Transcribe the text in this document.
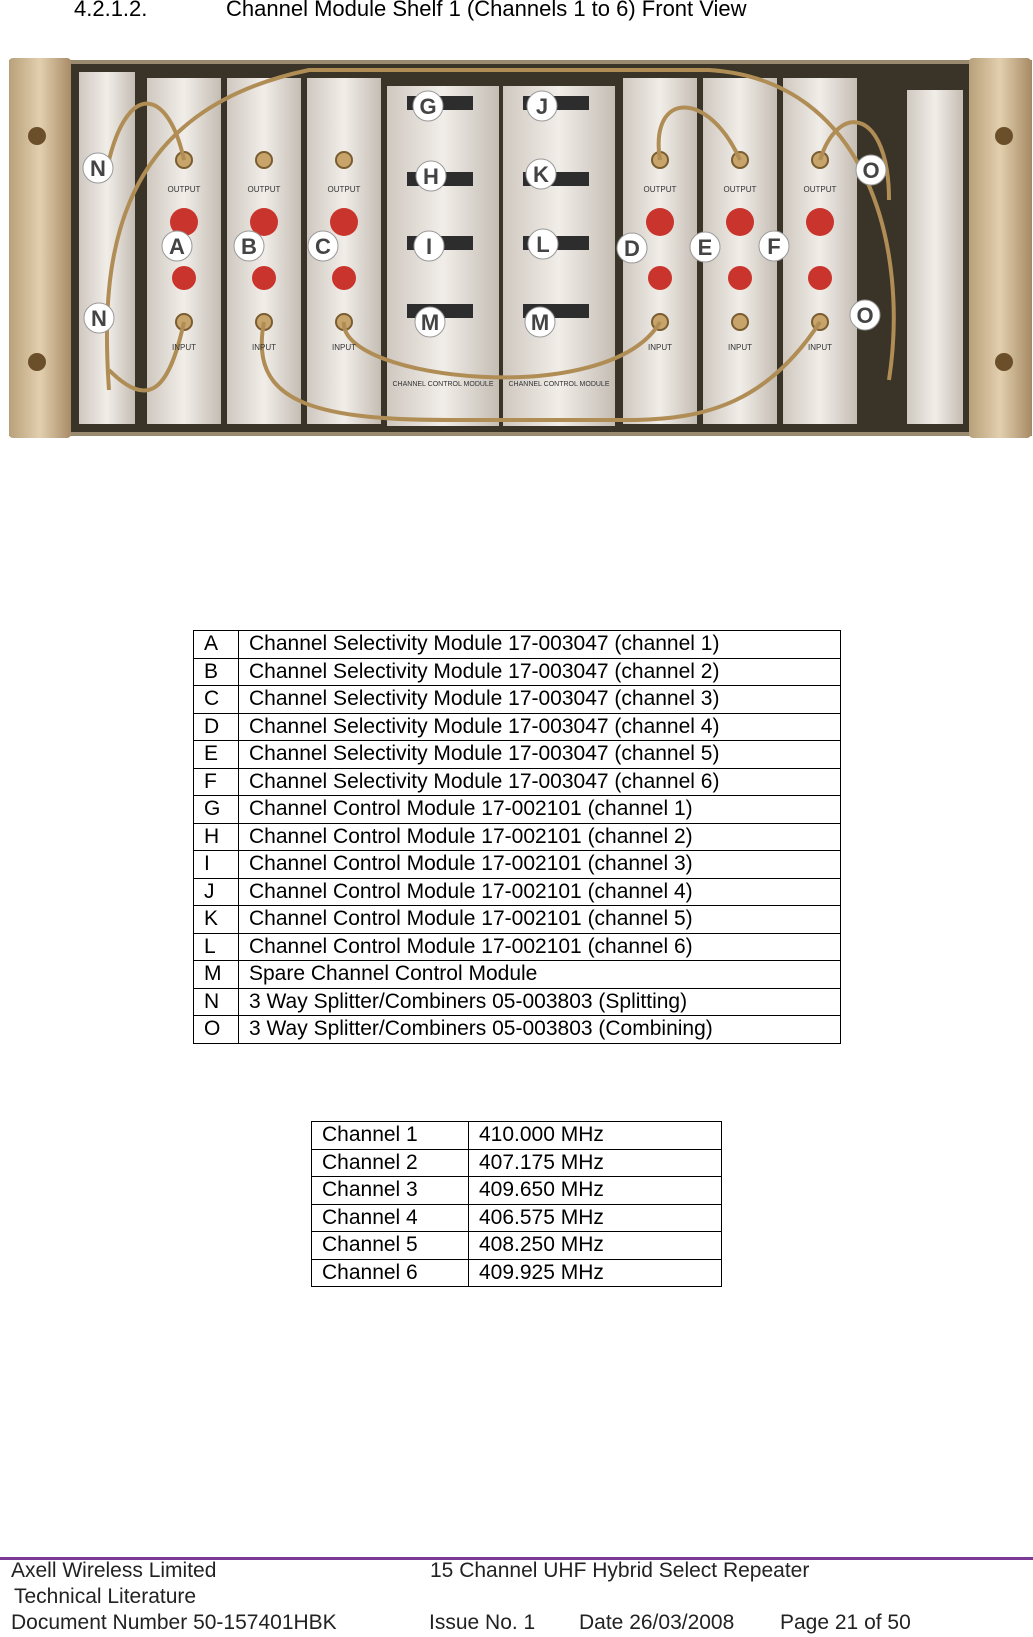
4.2.1.2.	Channel Module Shelf 1 (Channels 1 to 6) Front View
OUTPUT	OUTPUT	OUTPUT	OUTPUT	OUTPUT	OUTPUT
INPUT	INPUT	INPUT	INPUT	INPUT	INPUT
CHANNEL CONTROL MODULE CHANNEL CONTROL MODULE
A	B	C	D	E F
G
H
I
M
J
K
L
M
N
N
O
O
A	Channel Selectivity Module 17-003047 (channel 1)
B	Channel Selectivity Module 17-003047 (channel 2)
C	Channel Selectivity Module 17-003047 (channel 3)
D	Channel Selectivity Module 17-003047 (channel 4)
E	Channel Selectivity Module 17-003047 (channel 5)
F	Channel Selectivity Module 17-003047 (channel 6)
G	Channel Control Module 17-002101 (channel 1)
H	Channel Control Module 17-002101 (channel 2)
I	Channel Control Module 17-002101 (channel 3)
J	Channel Control Module 17-002101 (channel 4)
K	Channel Control Module 17-002101 (channel 5)
L	Channel Control Module 17-002101 (channel 6)
M	Spare Channel Control Module
N	3 Way Splitter/Combiners 05-003803 (Splitting)
O	3 Way Splitter/Combiners 05-003803 (Combining)
Channel 1	410.000 MHz
Channel 2	407.175 MHz
Channel 3	409.650 MHz
Channel 4	406.575 MHz
Channel 5	408.250 MHz
Channel 6	409.925 MHz
Axell Wireless Limited	15 Channel UHF Hybrid Select Repeater
Technical Literature
Document Number 50-157401HBK	Issue No. 1 Date 26/03/2008 Page 21 of 50
